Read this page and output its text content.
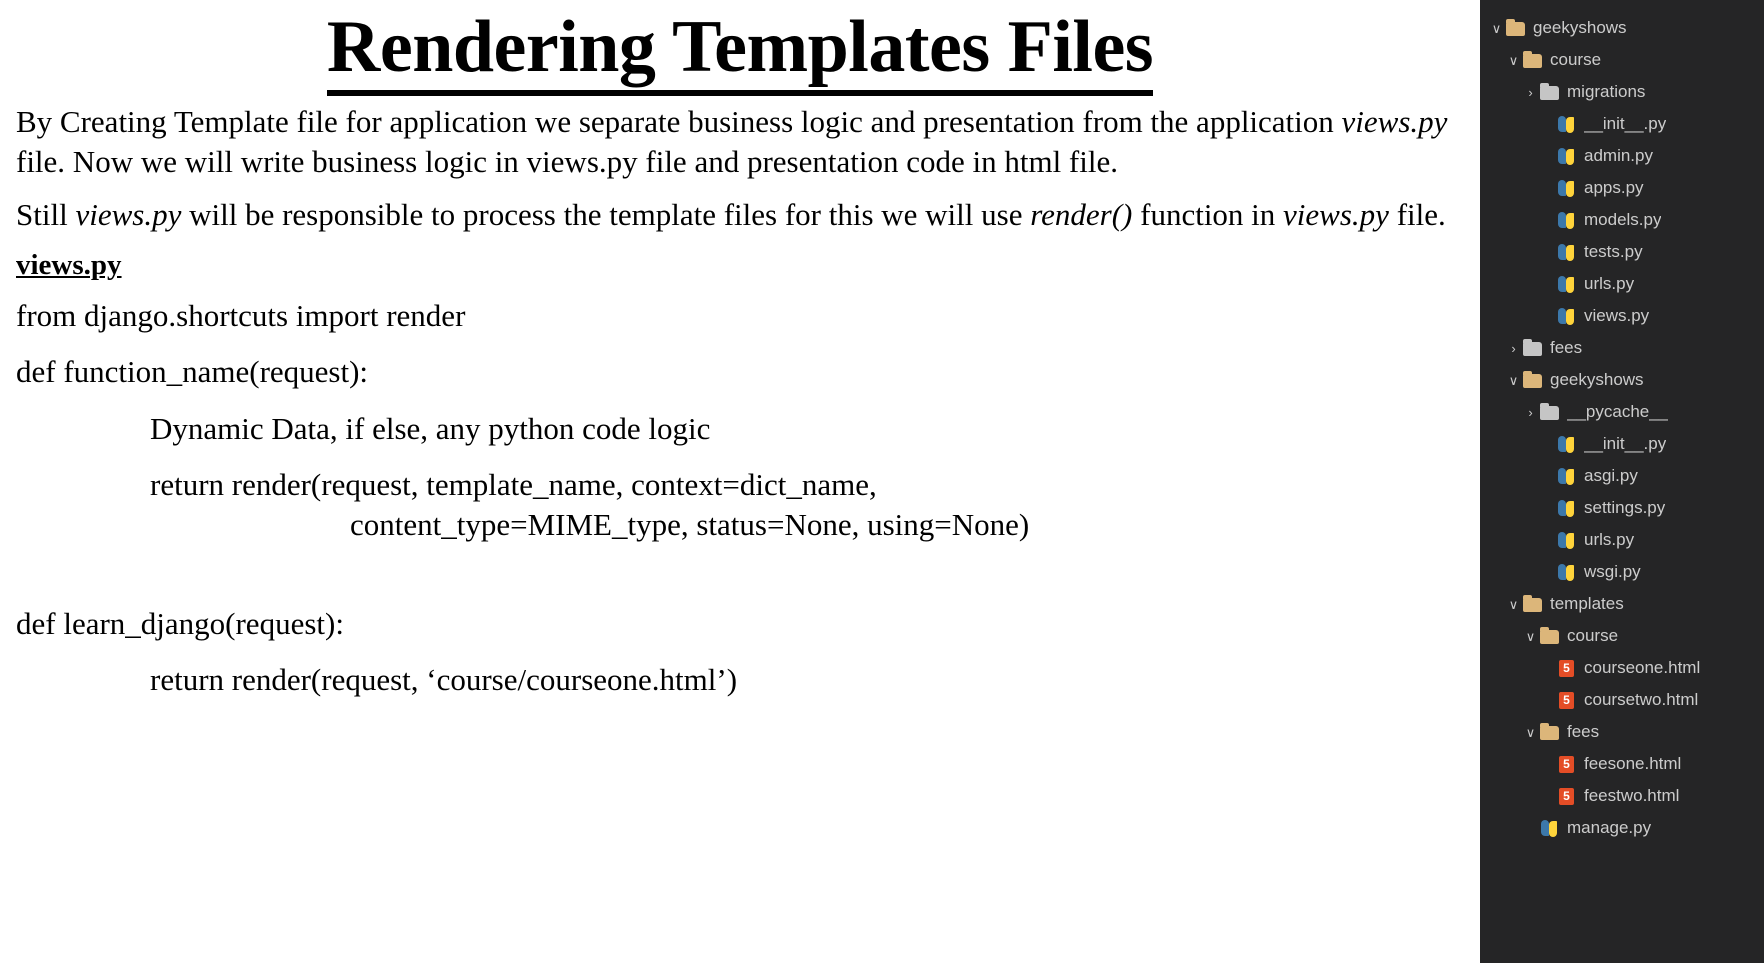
Rendering Templates Files

By Creating Template file for application we separate business logic and presentation from the application views.py file. Now we will write business logic in views.py file and presentation code in html file.

Still views.py will be responsible to process the template files for this we will use render() function in views.py file.

views.py
from django.shortcuts import render
def function_name(request):
Dynamic Data, if else, any python code logic
return render(request, template_name, context=dict_name,
content_type=MIME_type, status=None, using=None)
def learn_django(request):
return render(request, ‘course/courseone.html’)
∨ geekyshows
∨ course
›	migrations
__init__.py
admin.py
apps.py
models.py
tests.py
urls.py
views.py
›	fees
∨ geekyshows
›	__pycache__
__init__.py
asgi.py
settings.py
urls.py
wsgi.py
∨ templates
∨ course
5
courseone.html
5
coursetwo.html
∨ fees
5
feesone.html
5
feestwo.html
manage.py
